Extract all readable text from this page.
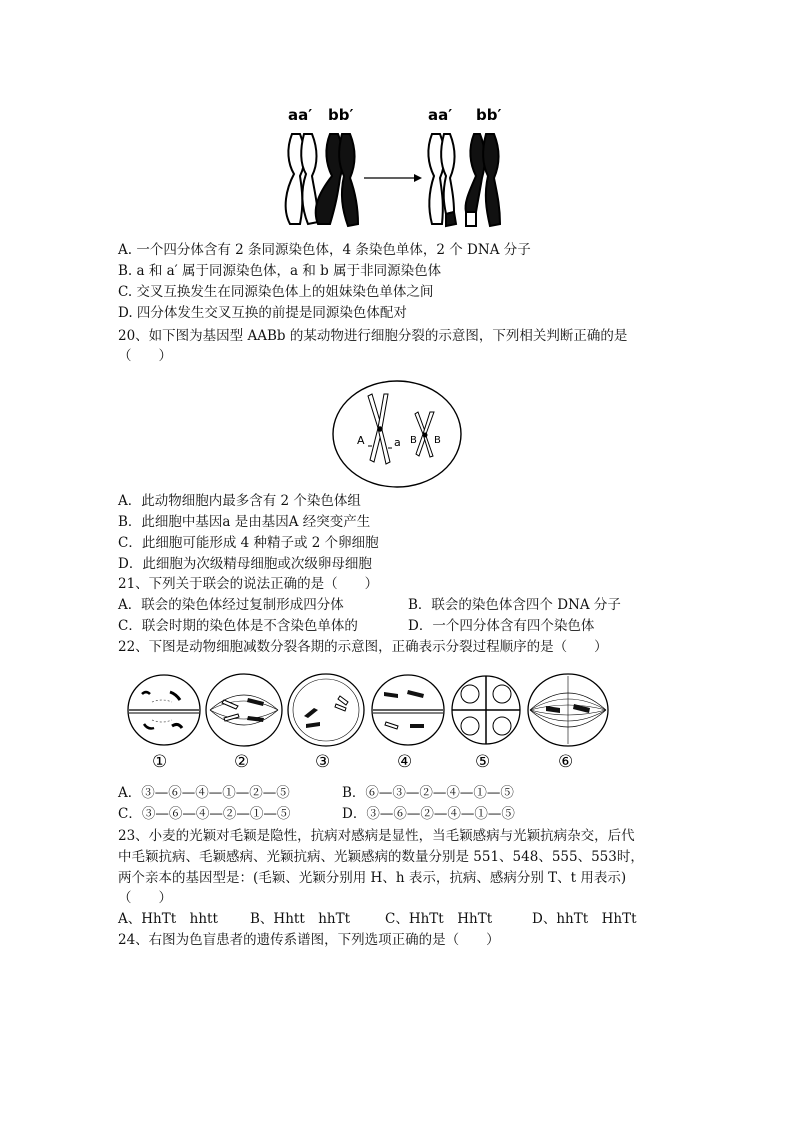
aa′ bb′	aa′ bb′
A. 一个四分体含有 2 条同源染色体，4 条染色单体，2 个 DNA 分子
B. a 和 a′ 属于同源染色体，a 和 b 属于非同源染色体
C. 交叉互换发生在同源染色体上的姐妹染色单体之间
D. 四分体发生交叉互换的前提是同源染色体配对
20、如下图为基因型 AABb 的某动物进行细胞分裂的示意图，下列相关判断正确的是
（　　）
A	a B B
A．此动物细胞内最多含有 2 个染色体组
B．此细胞中基因a 是由基因A 经突变产生
C．此细胞可能形成 4 种精子或 2 个卵细胞
D．此细胞为次级精母细胞或次级卵母细胞
21、下列关于联会的说法正确的是（　　）
A．联会的染色体经过复制形成四分体	B．联会的染色体含四个 DNA 分子
C．联会时期的染色体是不含染色单体的	D．一个四分体含有四个染色体
22、下图是动物细胞减数分裂各期的示意图，正确表示分裂过程顺序的是（　　）
①	②	③	④	⑤	⑥
A．③—⑥—④—①—②—⑤	B．⑥—③—②—④—①—⑤
C．③—⑥—④—②—①—⑤	D．③—⑥—②—④—①—⑤
23、小麦的光颖对毛颖是隐性，抗病对感病是显性，当毛颖感病与光颖抗病杂交，后代
中毛颖抗病、毛颖感病、光颖抗病、光颖感病的数量分别是 551、548、555、553时，
两个亲本的基因型是：(毛颖、光颖分别用 H、h 表示，抗病、感病分别 T、t 用表示)
（　　）
A、HhTt　hhtt B、Hhtt　hhTt	C、HhTt　HhTt	D、hhTt　HhTt
24、右图为色盲患者的遗传系谱图，下列选项正确的是（　　）
